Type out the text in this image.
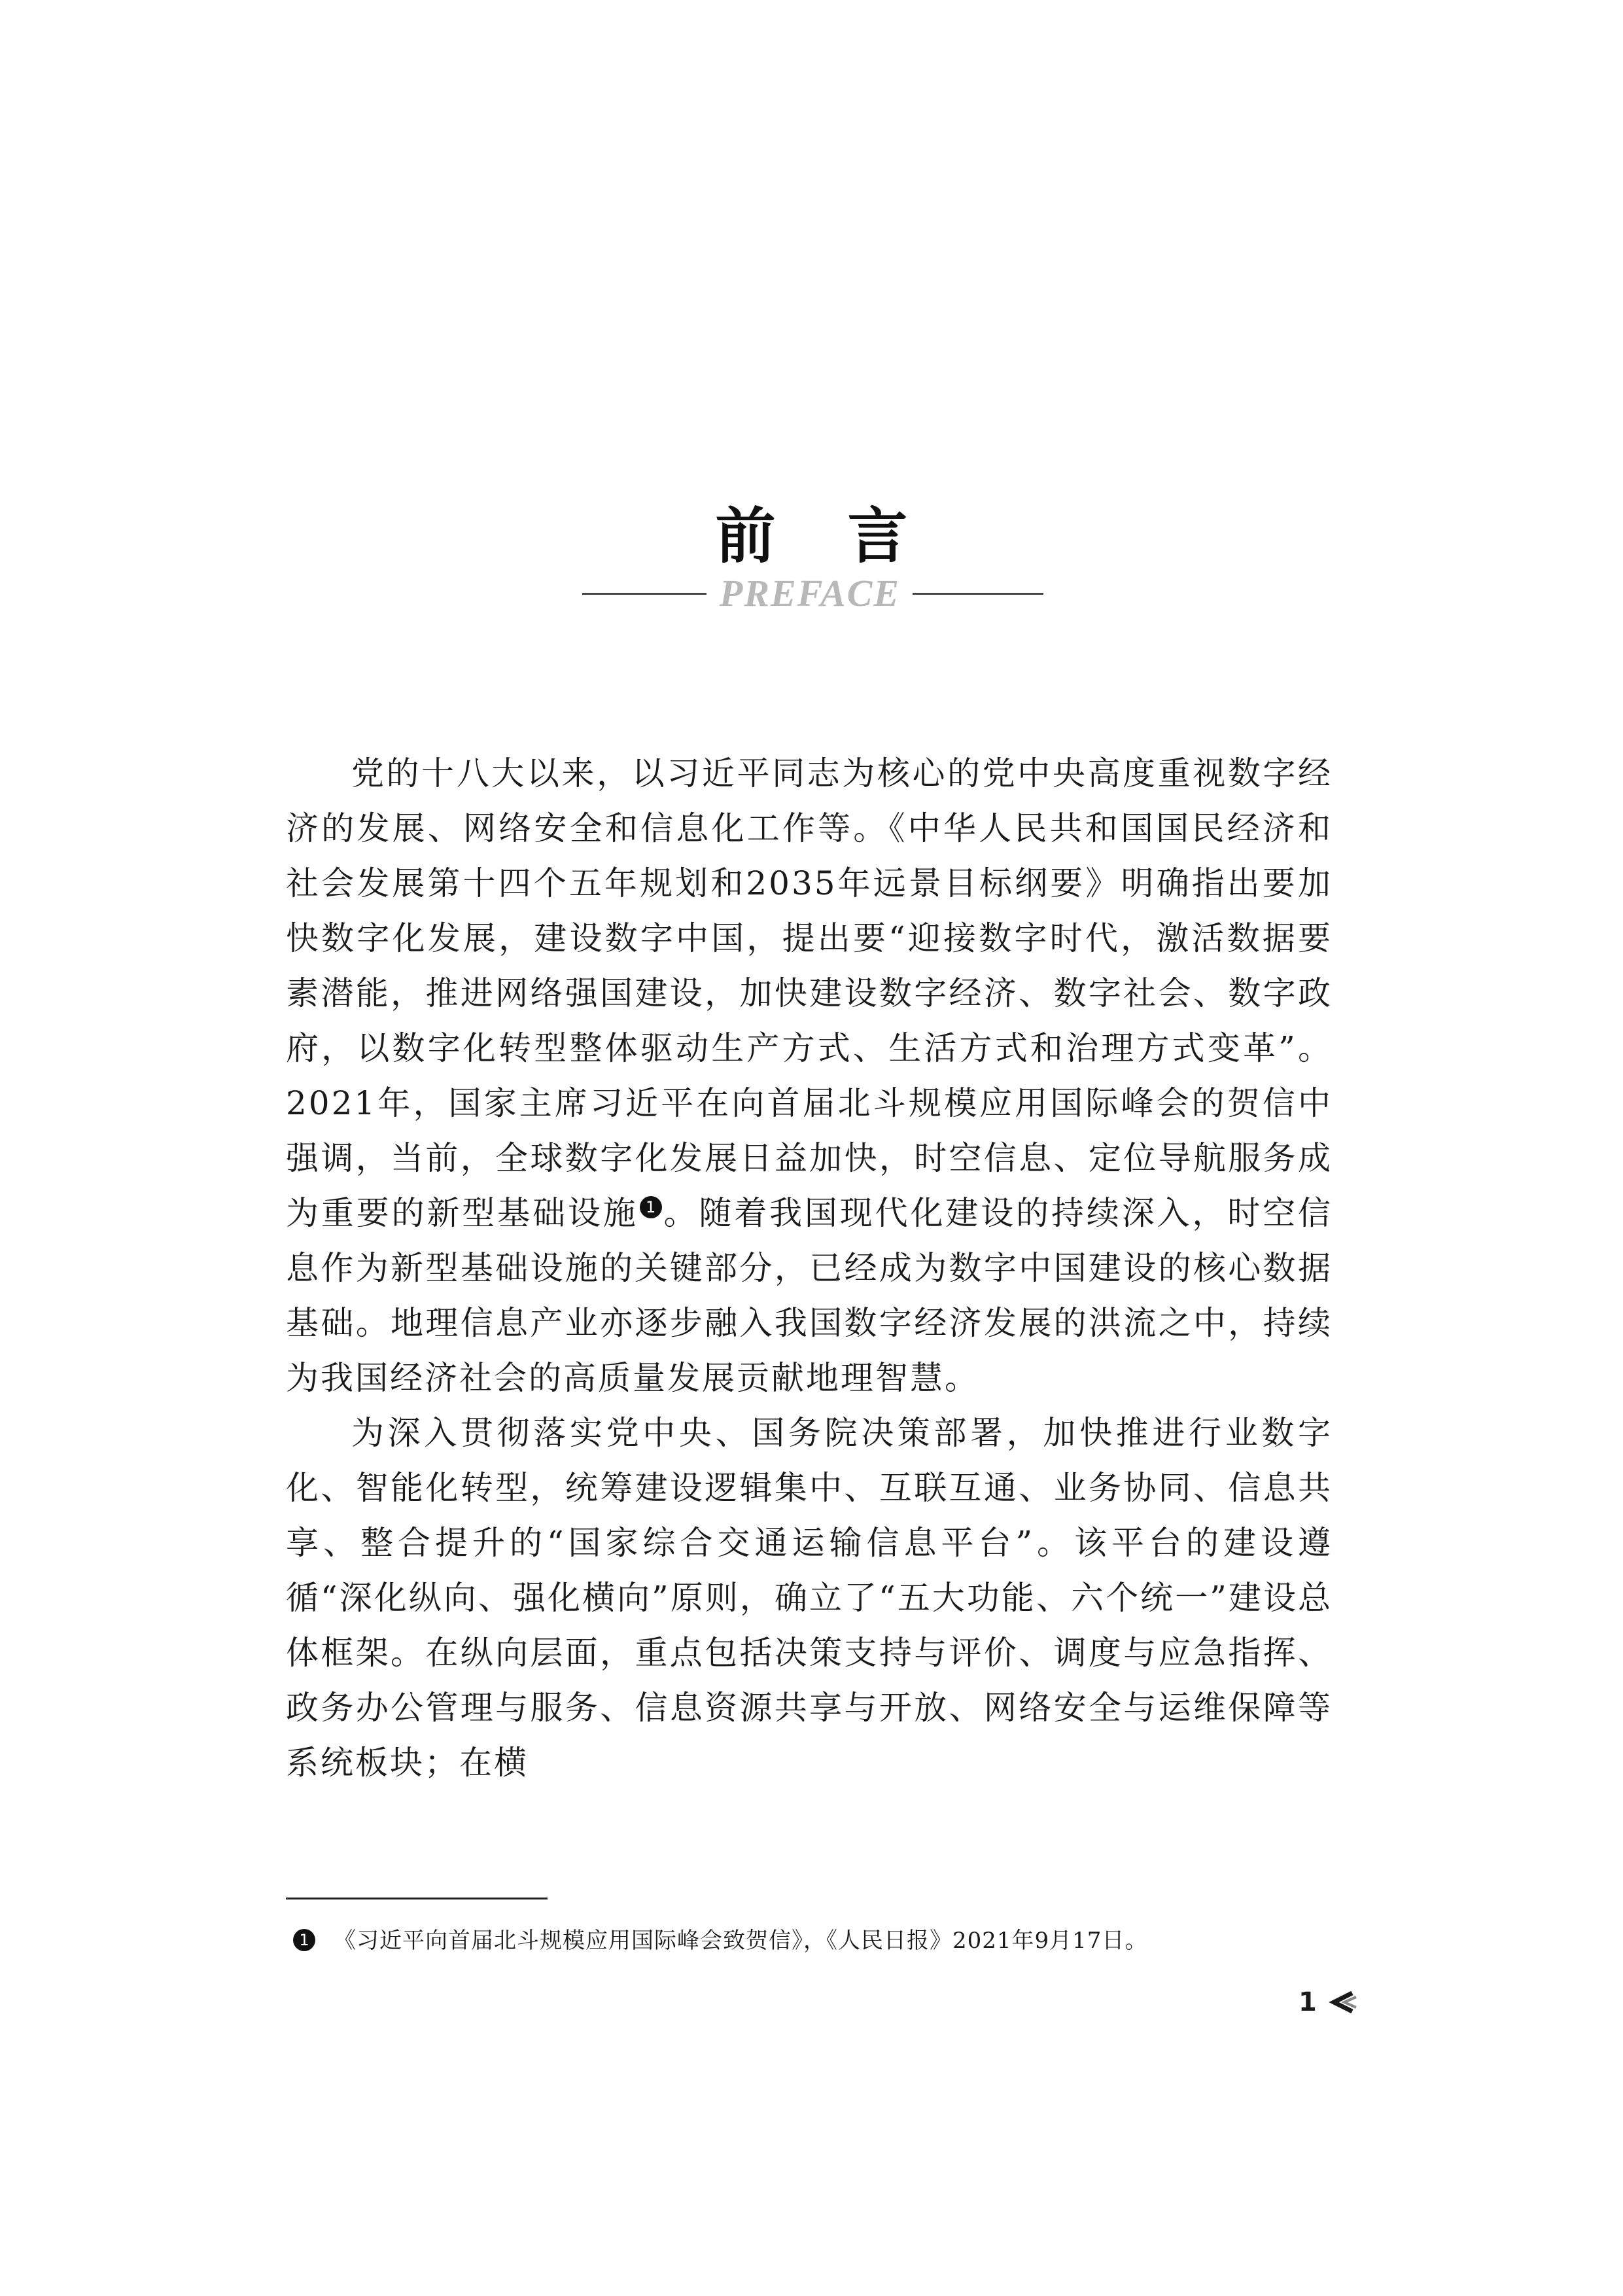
前言
PREFACE

党的十八大以来，以习近平同志为核心的党中央高度重视数字经济的发展、网络安全和信息化工作等。《中华人民共和国国民经济和社会发展第十四个五年规划和2035年远景目标纲要》明确指出要加快数字化发展，建设数字中国，提出要“迎接数字时代，激活数据要素潜能，推进网络强国建设，加快建设数字经济、数字社会、数字政府，以数字化转型整体驱动生产方式、生活方式和治理方式变革”。2021年，国家主席习近平在向首届北斗规模应用国际峰会的贺信中强调，当前，全球数字化发展日益加快，时空信息、定位导航服务成为重要的新型基础设施 1 。随着我国现代化建设的持续深入，时空信息作为新型基础设施的关键部分，已经成为数字中国建设的核心数据基础。地理信息产业亦逐步融入我国数字经济发展的洪流之中，持续为我国经济社会的高质量发展贡献地理智慧。

为深入贯彻落实党中央、国务院决策部署，加快推进行业数字化、智能化转型，统筹建设逻辑集中、互联互通、业务协同、信息共享、整合提升的“国家综合交通运输信息平台”。该平台的建设遵循“深化纵向、强化横向”原则，确立了“五大功能、六个统一”建设总体框架。在纵向层面，重点包括决策支持与评价、调度与应急指挥、政务办公管理与服务、信息资源共享与开放、网络安全与运维保障等系统板块；在横

1 《习近平向首届北斗规模应用国际峰会致贺信》，《人民日报》2021年9月17日。
1
